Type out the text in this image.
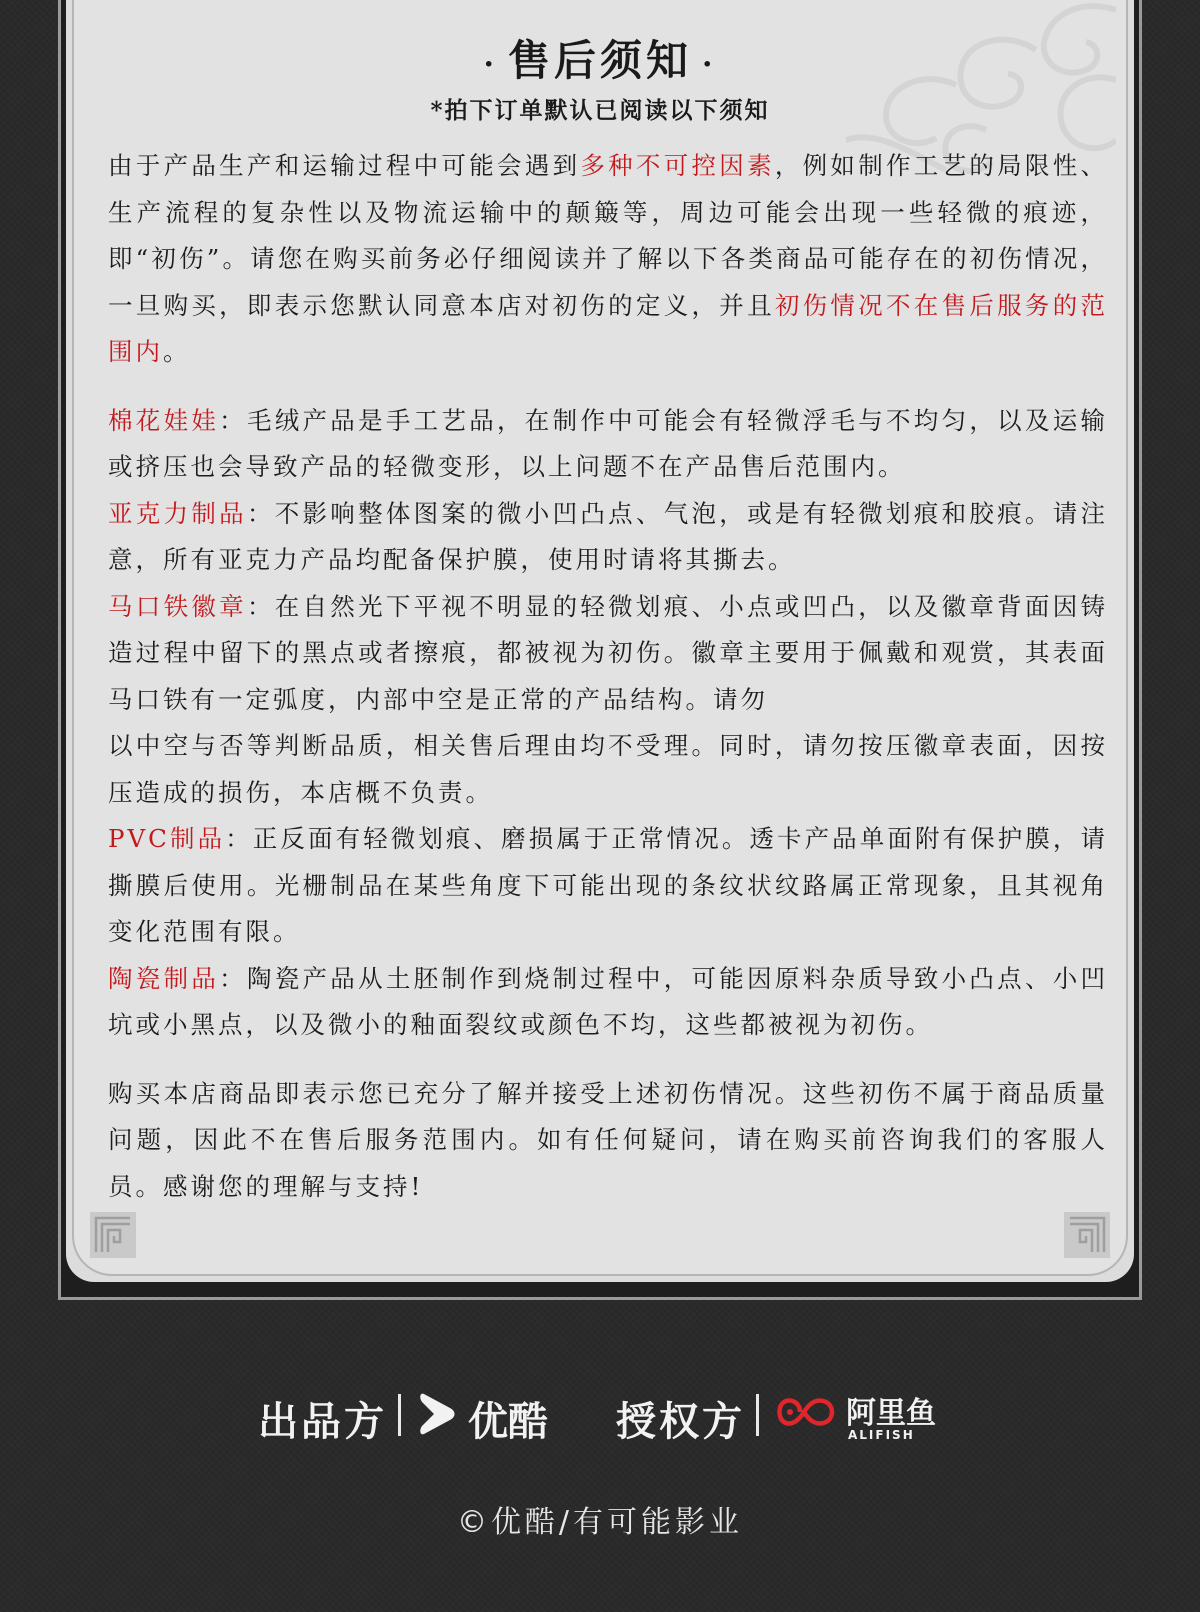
· 售后须知 ·
*拍下订单默认已阅读以下须知

由于产品生产和运输过程中可能会遇到多种不可控因素，例如制作工艺的局限性、生产流程的复杂性以及物流运输中的颠簸等，周边可能会出现一些轻微的痕迹，即“初伤”。请您在购买前务必仔细阅读并了解以下各类商品可能存在的初伤情况，一旦购买，即表示您默认同意本店对初伤的定义，并且初伤情况不在售后服务的范围内。

棉花娃娃：毛绒产品是手工艺品，在制作中可能会有轻微浮毛与不均匀，以及运输或挤压也会导致产品的轻微变形，以上问题不在产品售后范围内。

亚克力制品：不影响整体图案的微小凹凸点、气泡，或是有轻微划痕和胶痕。请注意，所有亚克力产品均配备保护膜，使用时请将其撕去。

马口铁徽章：在自然光下平视不明显的轻微划痕、小点或凹凸，以及徽章背面因铸造过程中留下的黑点或者擦痕，都被视为初伤。徽章主要用于佩戴和观赏，其表面马口铁有一定弧度，内部中空是正常的产品结构。请勿

以中空与否等判断品质，相关售后理由均不受理。同时，请勿按压徽章表面，因按压造成的损伤，本店概不负责。

PVC制品：正反面有轻微划痕、磨损属于正常情况。透卡产品单面附有保护膜，请撕膜后使用。光栅制品在某些角度下可能出现的条纹状纹路属正常现象，且其视角变化范围有限。

陶瓷制品：陶瓷产品从土胚制作到烧制过程中，可能因原料杂质导致小凸点、小凹坑或小黑点，以及微小的釉面裂纹或颜色不均，这些都被视为初伤。

购买本店商品即表示您已充分了解并接受上述初伤情况。这些初伤不属于商品质量问题，因此不在售后服务范围内。如有任何疑问，请在购买前咨询我们的客服人员。感谢您的理解与支持!

出品方 优酷 授权方	阿里鱼
ALIFISH
©优酷/有可能影业
